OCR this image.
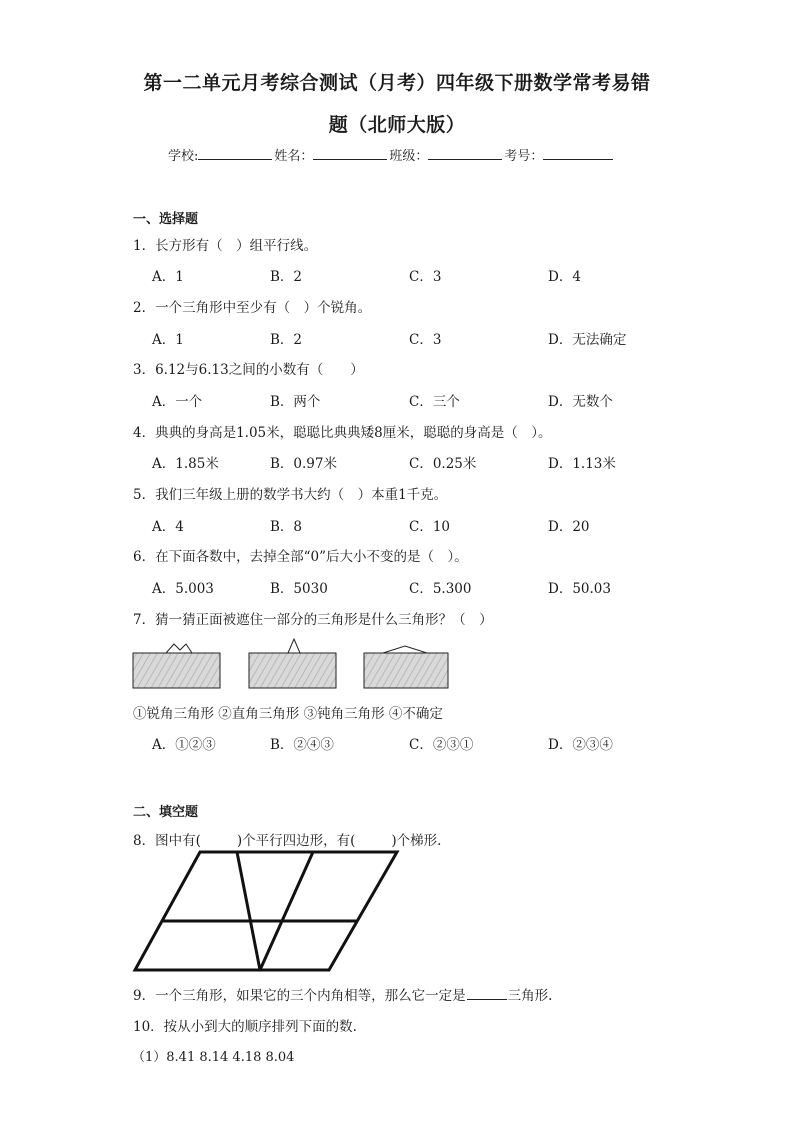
第一二单元月考综合测试（月考）四年级下册数学常考易错
题（北师大版）
学校:	姓名：	班级：	考号：
一、选择题
1．长方形有（　）组平行线。
A．1	B．2	C．3	D．4
2．一个三角形中至少有（　）个锐角。
A．1	B．2	C．3	D．无法确定
3．6.12与6.13之间的小数有（　　）
A．一个	B．两个	C．三个	D．无数个
4．典典的身高是1.05米，聪聪比典典矮8厘米，聪聪的身高是（　）。
A．1.85米	B．0.97米	C．0.25米	D．1.13米
5．我们三年级上册的数学书大约（　）本重1千克。
A．4	B．8	C．10	D．20
6．在下面各数中，去掉全部“0”后大小不变的是（　）。
A．5.003	B．5030	C．5.300	D．50.03
7．猜一猜正面被遮住一部分的三角形是什么三角形？（　）
①锐角三角形 ②直角三角形 ③钝角三角形 ④不确定
A．①②③	B．②④③	C．②③①	D．②③④
二、填空题
8．图中有(	)个平行四边形，有(	)个梯形.
9．一个三角形，如果它的三个内角相等，那么它一定是	三角形.
10．按从小到大的顺序排列下面的数.
（1）8.41 8.14 4.18 8.04
